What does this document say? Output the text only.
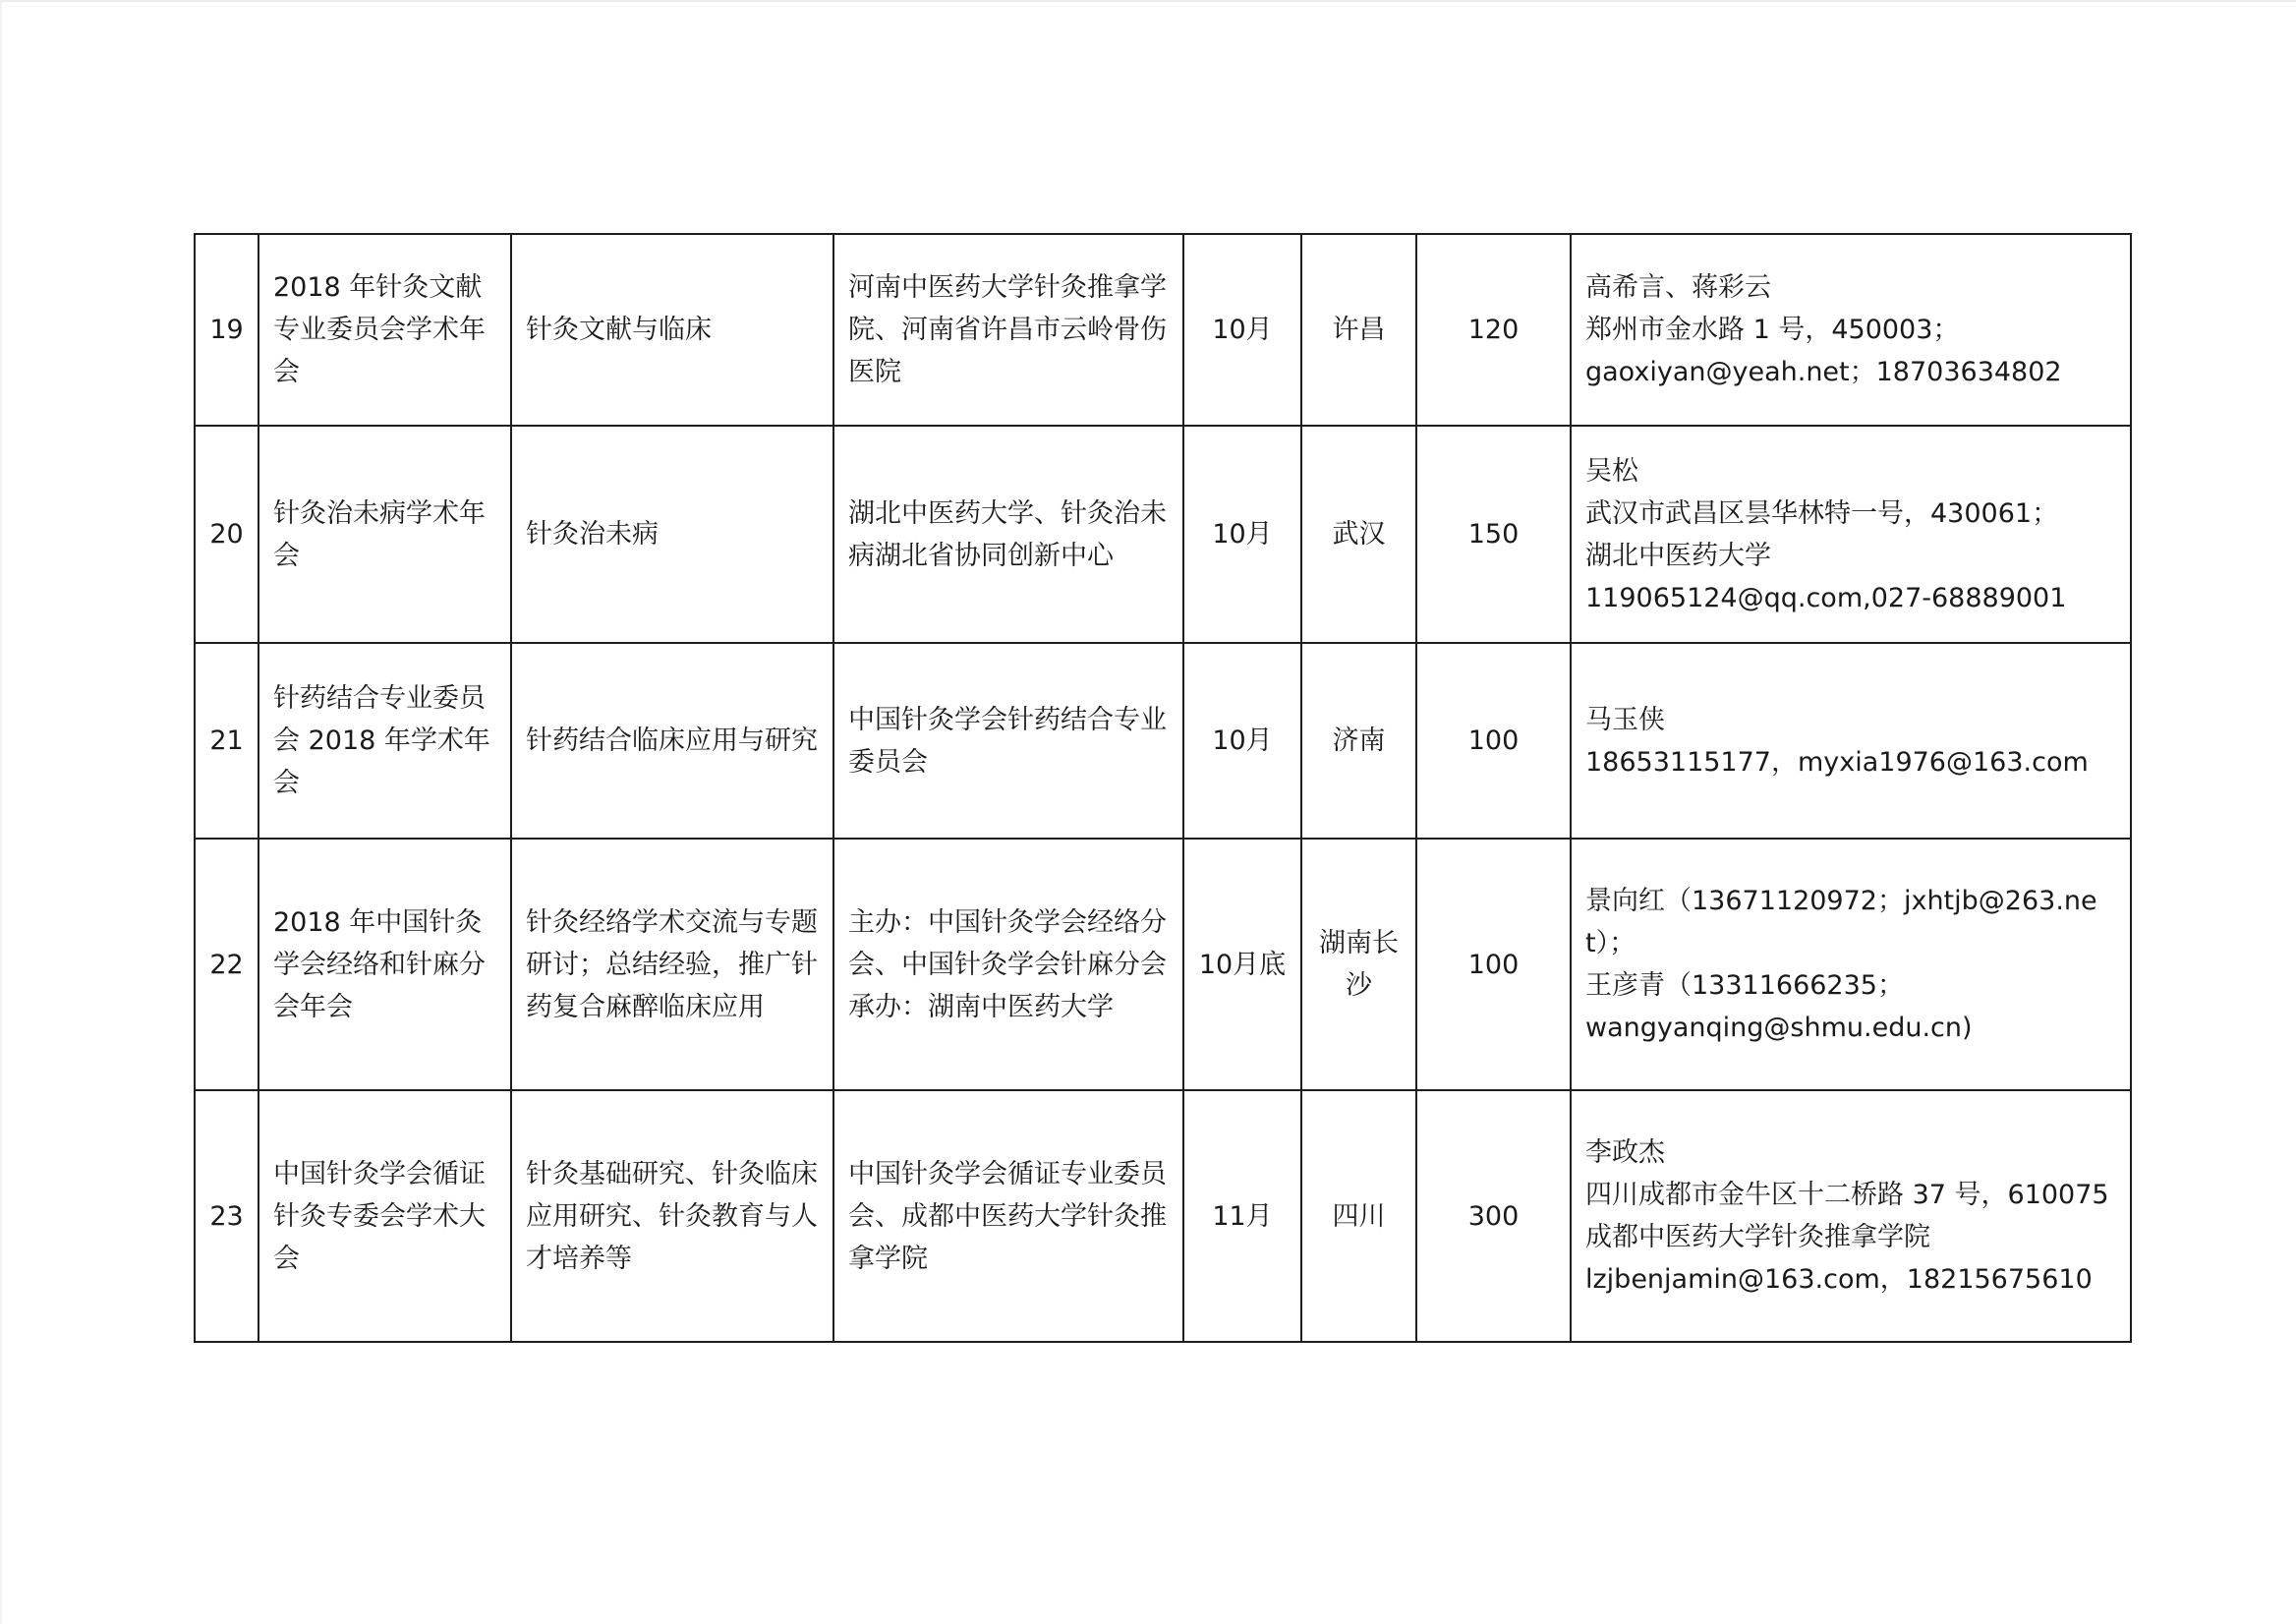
19	2018 年针灸文献专业委员会学术年会	针灸文献与临床	河南中医药大学针灸推拿学院、河南省许昌市云岭骨伤医院	10月	许昌	120	高希言、蒋彩云
郑州市金水路 1 号，450003；
gaoxiyan@yeah.net；18703634802

20	针灸治未病学术年会	针灸治未病	湖北中医药大学、针灸治未病湖北省协同创新中心	10月	武汉	150	吴松
武汉市武昌区昙华林特一号，430061；
湖北中医药大学
119065124@qq.com,027-68889001

21	针药结合专业委员会 2018 年学术年会	针药结合临床应用与研究	中国针灸学会针药结合专业委员会	10月	济南	100	马玉侠
18653115177，myxia1976@163.com

22	2018 年中国针灸学会经络和针麻分会年会	针灸经络学术交流与专题研讨；总结经验，推广针药复合麻醉临床应用	主办：中国针灸学会经络分会、中国针灸学会针麻分会
承办：湖南中医药大学	10月底	湖南长沙	100	景向红（13671120972；jxhtjb@263.net）；
王彦青（13311666235；
wangyanqing@shmu.edu.cn)

23	中国针灸学会循证针灸专委会学术大会	针灸基础研究、针灸临床应用研究、针灸教育与人才培养等	中国针灸学会循证专业委员会、成都中医药大学针灸推拿学院	11月	四川	300	李政杰
四川成都市金牛区十二桥路 37 号，610075
成都中医药大学针灸推拿学院
lzjbenjamin@163.com，18215675610
